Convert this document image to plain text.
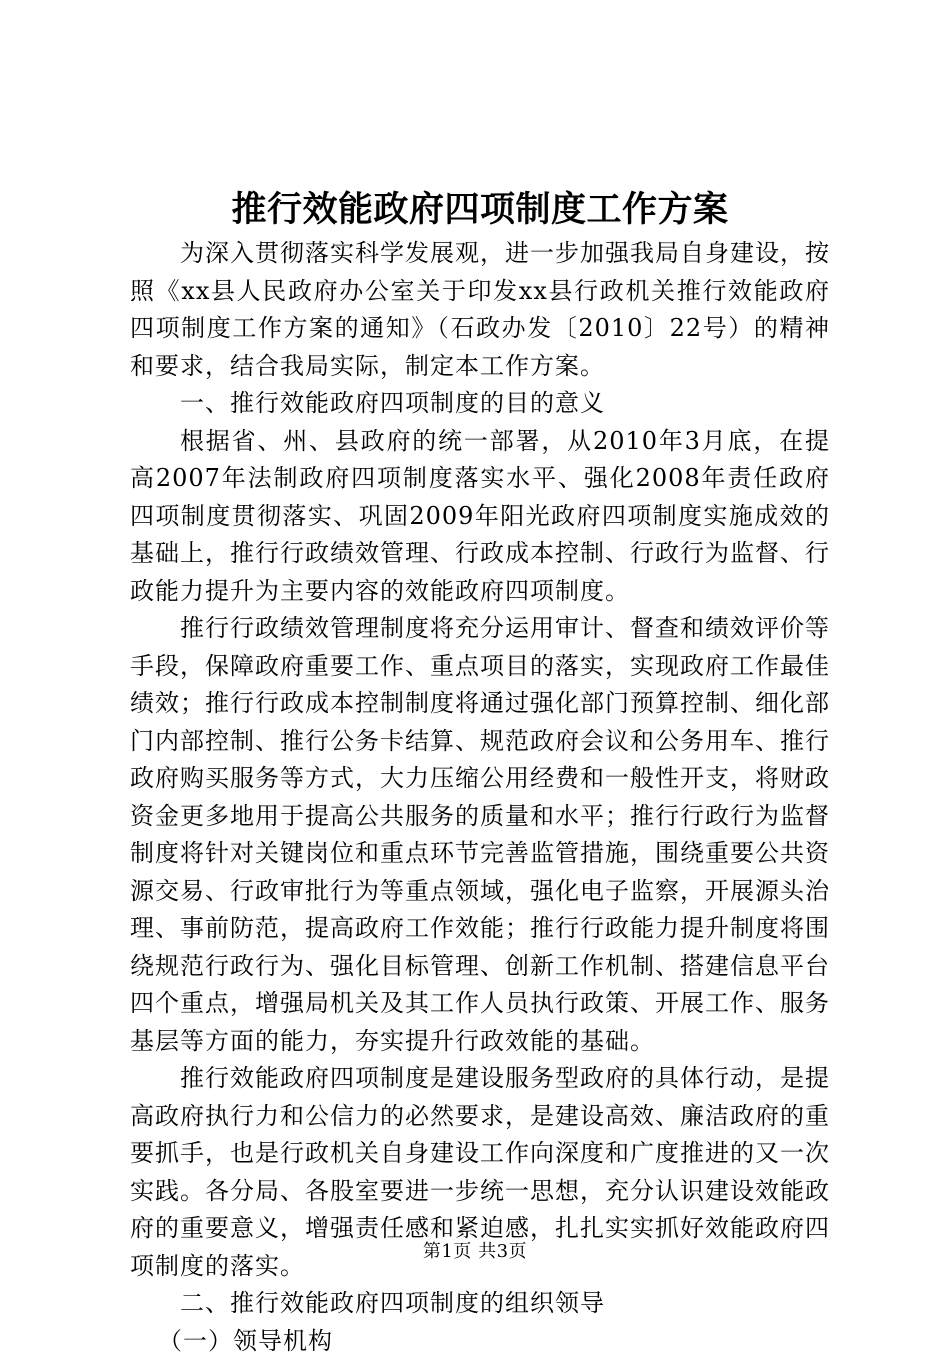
推行效能政府四项制度工作方案

为深入贯彻落实科学发展观，进一步加强我局自身建设，按照《xx县人民政府办公室关于印发xx县行政机关推行效能政府四项制度工作方案的通知》（石政办发〔2010〕22号）的精神和要求，结合我局实际，制定本工作方案。

一、推行效能政府四项制度的目的意义

根据省、州、县政府的统一部署，从2010年3月底，在提高2007年法制政府四项制度落实水平、强化2008年责任政府四项制度贯彻落实、巩固2009年阳光政府四项制度实施成效的基础上，推行行政绩效管理、行政成本控制、行政行为监督、行政能力提升为主要内容的效能政府四项制度。

推行行政绩效管理制度将充分运用审计、督查和绩效评价等手段，保障政府重要工作、重点项目的落实，实现政府工作最佳绩效；推行行政成本控制制度将通过强化部门预算控制、细化部门内部控制、推行公务卡结算、规范政府会议和公务用车、推行政府购买服务等方式，大力压缩公用经费和一般性开支，将财政资金更多地用于提高公共服务的质量和水平；推行行政行为监督制度将针对关键岗位和重点环节完善监管措施，围绕重要公共资源交易、行政审批行为等重点领域，强化电子监察，开展源头治理、事前防范，提高政府工作效能；推行行政能力提升制度将围绕规范行政行为、强化目标管理、创新工作机制、搭建信息平台四个重点，增强局机关及其工作人员执行政策、开展工作、服务基层等方面的能力，夯实提升行政效能的基础。

推行效能政府四项制度是建设服务型政府的具体行动，是提高政府执行力和公信力的必然要求，是建设高效、廉洁政府的重要抓手，也是行政机关自身建设工作向深度和广度推进的又一次实践。各分局、各股室要进一步统一思想，充分认识建设效能政府的重要意义，增强责任感和紧迫感，扎扎实实抓好效能政府四项制度的落实。

二、推行效能政府四项制度的组织领导

（一）领导机构

第1页 共3页
